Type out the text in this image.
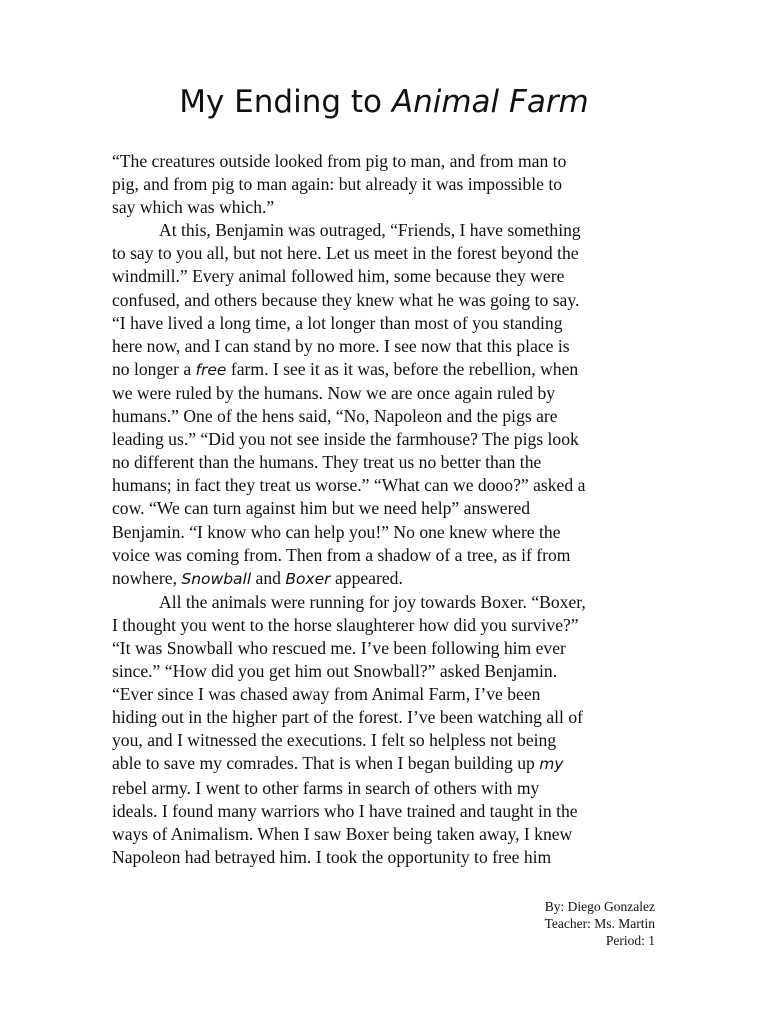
My Ending to Animal Farm
“The creatures outside looked from pig to man, and from man to
pig, and from pig to man again: but already it was impossible to
say which was which.”
At this, Benjamin was outraged, “Friends, I have something
to say to you all, but not here. Let us meet in the forest beyond the
windmill.” Every animal followed him, some because they were
confused, and others because they knew what he was going to say.
“I have lived a long time, a lot longer than most of you standing
here now, and I can stand by no more. I see now that this place is
no longer a free farm. I see it as it was, before the rebellion, when
we were ruled by the humans. Now we are once again ruled by
humans.” One of the hens said, “No, Napoleon and the pigs are
leading us.” “Did you not see inside the farmhouse? The pigs look
no different than the humans. They treat us no better than the
humans; in fact they treat us worse.” “What can we dooo?” asked a
cow. “We can turn against him but we need help” answered
Benjamin. “I know who can help you!” No one knew where the
voice was coming from. Then from a shadow of a tree, as if from
nowhere, Snowball and Boxer appeared.
All the animals were running for joy towards Boxer. “Boxer,
I thought you went to the horse slaughterer how did you survive?”
“It was Snowball who rescued me. I’ve been following him ever
since.” “How did you get him out Snowball?” asked Benjamin.
“Ever since I was chased away from Animal Farm, I’ve been
hiding out in the higher part of the forest. I’ve been watching all of
you, and I witnessed the executions. I felt so helpless not being
able to save my comrades. That is when I began building up my
rebel army. I went to other farms in search of others with my
ideals. I found many warriors who I have trained and taught in the
ways of Animalism. When I saw Boxer being taken away, I knew
Napoleon had betrayed him. I took the opportunity to free him
By: Diego Gonzalez
Teacher: Ms. Martin
Period: 1
